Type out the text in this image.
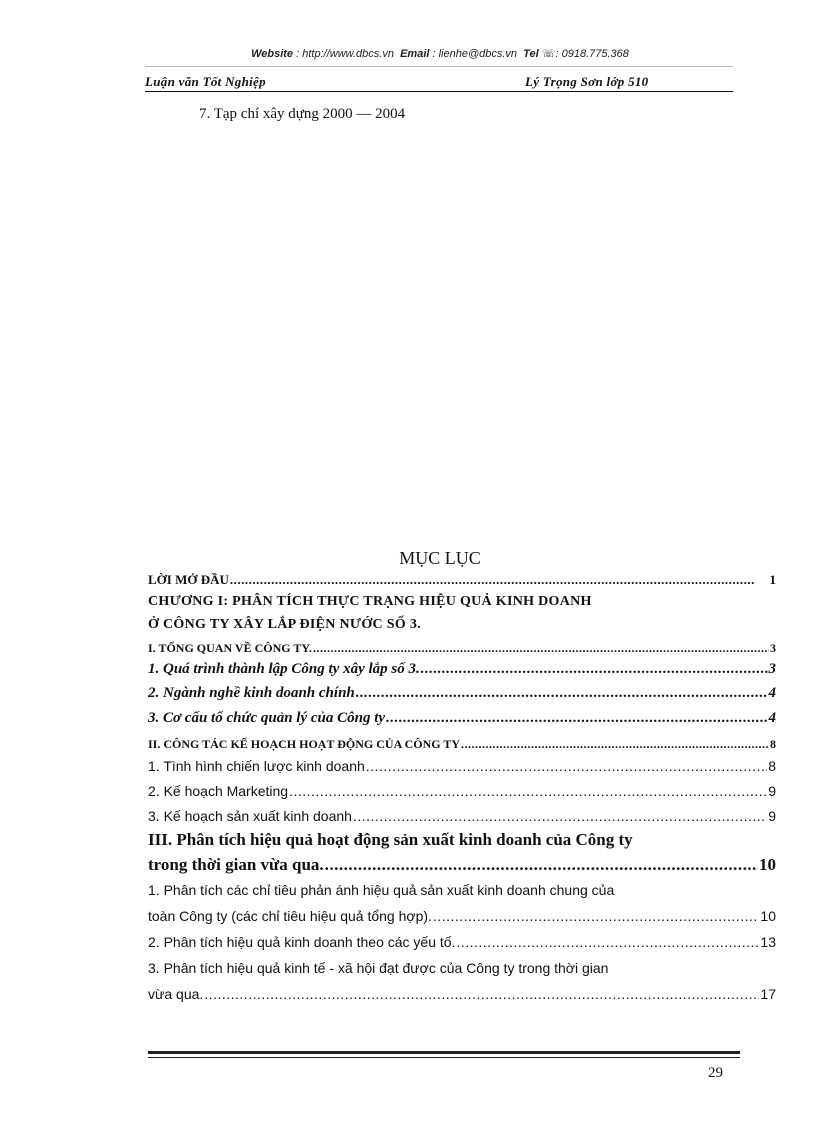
Website : http://www.dbcs.vn Email : lienhe@dbcs.vn Tel ☏: 0918.775.368
Luận văn Tốt Nghiệp	Lý Trọng Sơn lớp 510
7. Tạp chí xây dựng 2000 — 2004
MỤC LỤC
LỜI MỞ ĐẦU .....	1
CHƯƠNG I: PHÂN TÍCH THỰC TRẠNG HIỆU QUẢ KINH DOANH
Ở CÔNG TY XÂY LẮP ĐIỆN NƯỚC SỐ 3.
I. TỔNG QUAN VỀ CÔNG TY. .....	3
1. Quá trình thành lập Công ty xây lắp số 3. .....	3
2. Ngành nghề kinh doanh chính .....	4
3. Cơ cấu tổ chức quản lý của Công ty .....	4
II. CÔNG TÁC KẾ HOẠCH HOẠT ĐỘNG CỦA CÔNG TY .....	8
1. Tình hình chiến lược kinh doanh .....	8
2. Kế hoạch Marketing .....	9
3. Kế hoạch sản xuất kinh doanh .....	9
III. Phân tích hiệu quả hoạt động sản xuất kinh doanh của Công ty
trong thời gian vừa qua. .....	10
1. Phân tích các chỉ tiêu phản ánh hiệu quả sản xuất kinh doanh chung của
toàn Công ty (các chỉ tiêu hiệu quả tổng hợp). .....	10
2. Phân tích hiệu quả kinh doanh theo các yếu tố. .....	13
3. Phân tích hiệu quả kinh tế - xã hội đạt được của Công ty trong thời gian
vừa qua. .....	17
29
